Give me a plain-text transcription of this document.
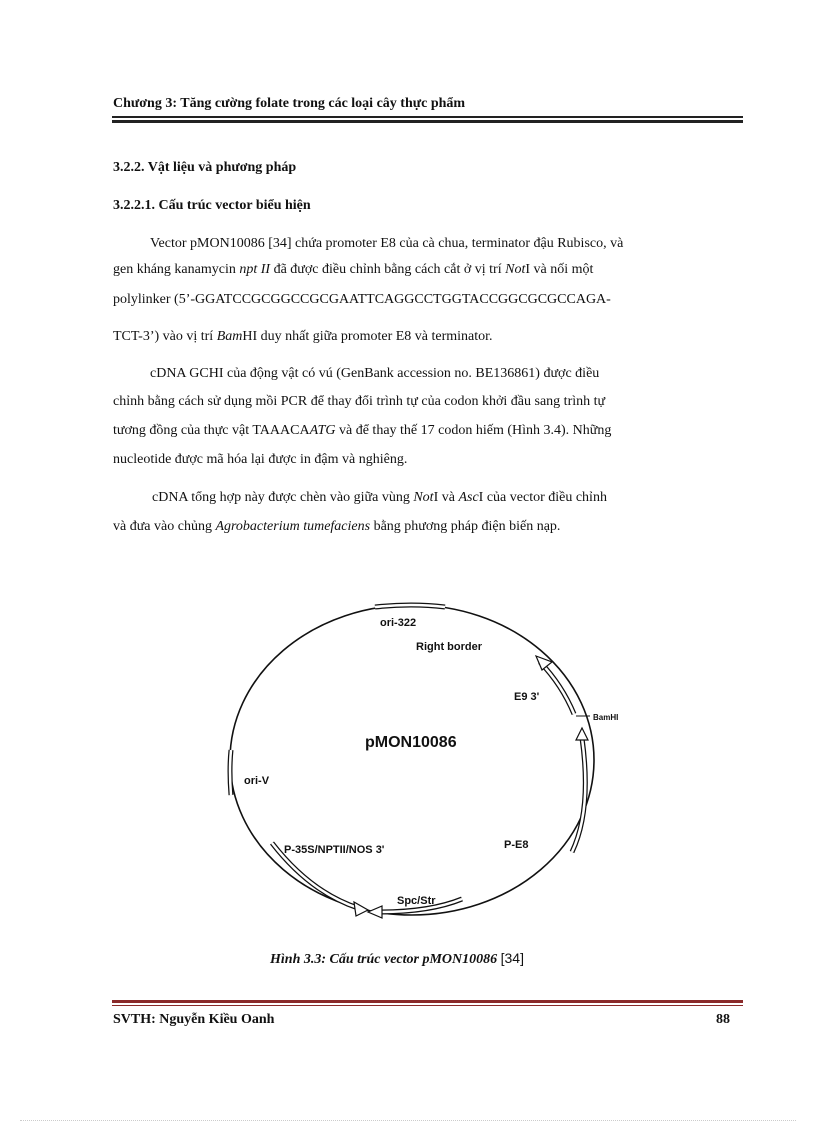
Chương 3: Tăng cường folate trong các loại cây thực phẩm
3.2.2. Vật liệu và phương pháp
3.2.2.1. Cấu trúc vector biểu hiện
Vector pMON10086 [34] chứa promoter E8 của cà chua, terminator đậu Rubisco, và
gen kháng kanamycin npt II đã được điều chỉnh bằng cách cắt ở vị trí NotI và nối một
polylinker (5’-GGATCCGCGGCCGCGAATTCAGGCCTGGTACCGGCGCGCCAGA-
TCT-3’) vào vị trí BamHI duy nhất giữa promoter E8 và terminator.
cDNA GCHI của động vật có vú (GenBank accession no. BE136861) được điều
chỉnh bằng cách sử dụng mồi PCR để thay đổi trình tự của codon khởi đầu sang trình tự
tương đồng của thực vật TAAACAATG và để thay thế 17 codon hiếm (Hình 3.4). Những
nucleotide được mã hóa lại được in đậm và nghiêng.
cDNA tổng hợp này được chèn vào giữa vùng NotI và AscI của vector điều chỉnh
và đưa vào chủng Agrobacterium tumefaciens bằng phương pháp điện biến nạp.
pMON10086
ori-322
Right border
E9 3'
BamHI
ori-V
P-35S/NPTII/NOS 3'	P-E8
Spc/Str
Hình 3.3: Cấu trúc vector pMON10086 [34]
SVTH: Nguyễn Kiều Oanh	88
